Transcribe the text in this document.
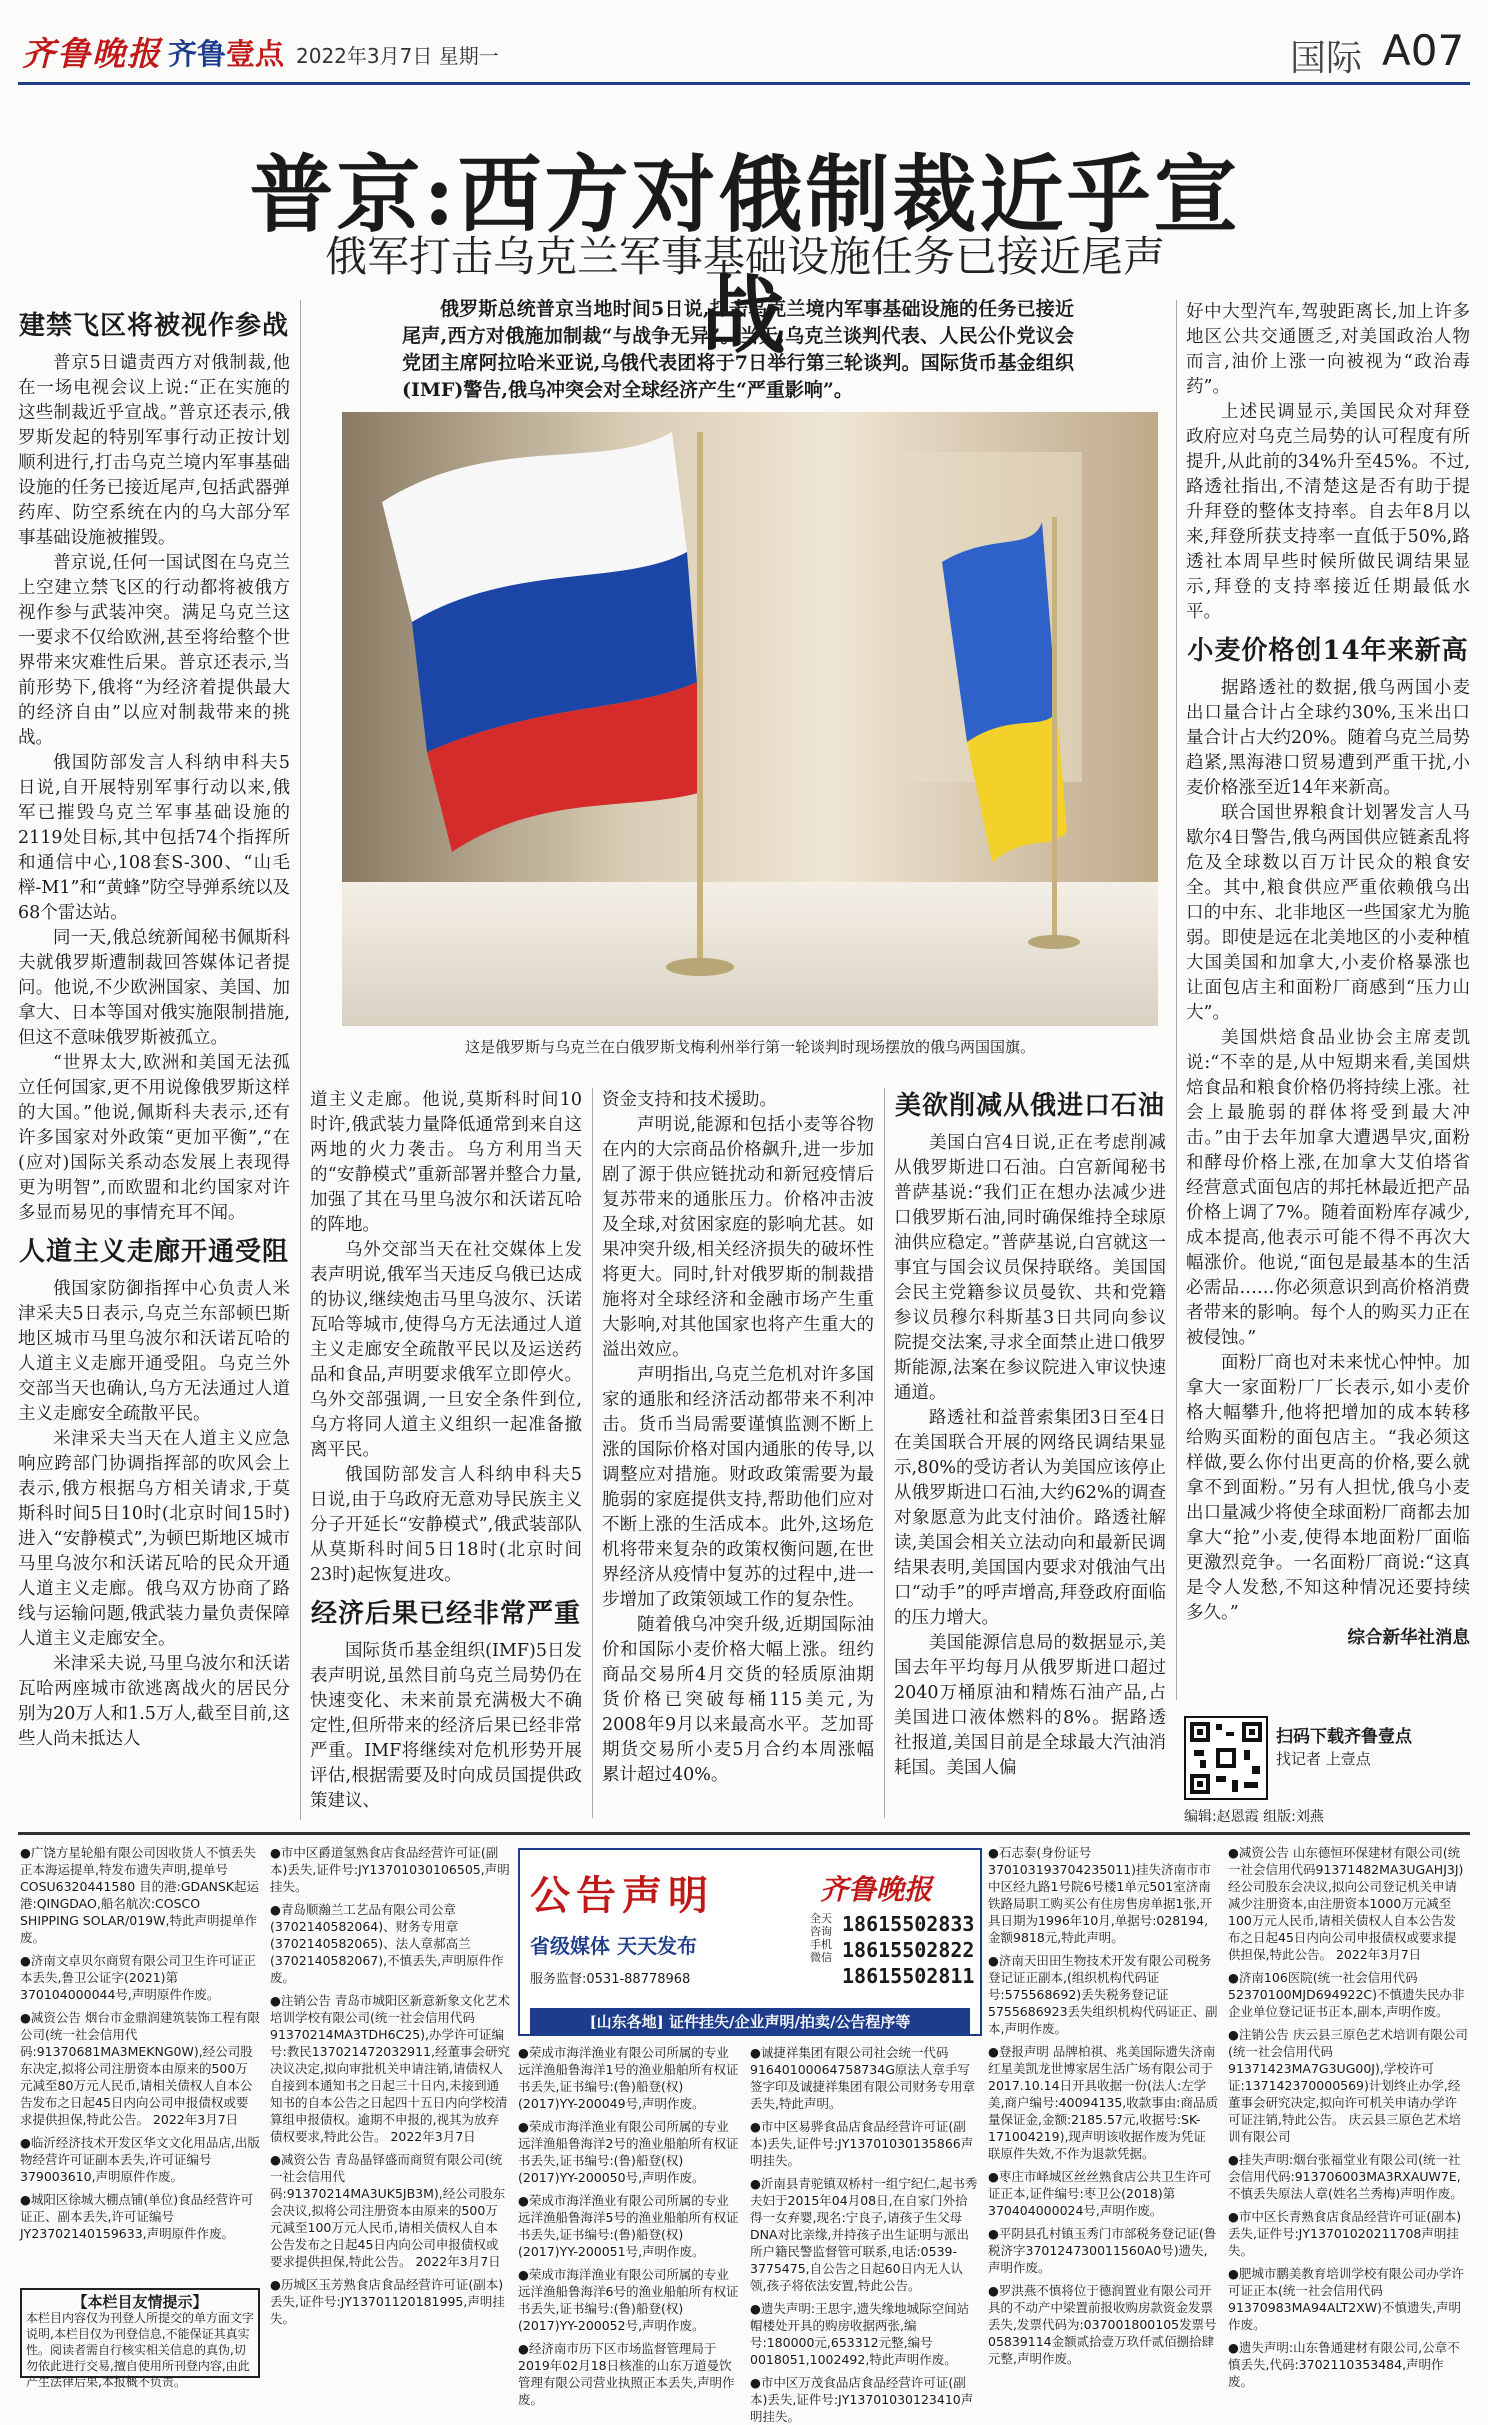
齐鲁晚报 齐鲁壹点 2022年3月7日 星期一	国际 A07
普京:西方对俄制裁近乎宣战
俄军打击乌克兰军事基础设施任务已接近尾声
俄罗斯总统普京当地时间5日说,打击乌克兰境内军事基础设施的任务已接近尾声,西方对俄施加制裁“与战争无异”。当天,乌克兰谈判代表、人民公仆党议会党团主席阿拉哈米亚说,乌俄代表团将于7日举行第三轮谈判。国际货币基金组织(IMF)警告,俄乌冲突会对全球经济产生“严重影响”。
这是俄罗斯与乌克兰在白俄罗斯戈梅利州举行第一轮谈判时现场摆放的俄乌两国国旗。
建禁飞区将被视作参战

普京5日谴责西方对俄制裁,他在一场电视会议上说:“正在实施的这些制裁近乎宣战。”普京还表示,俄罗斯发起的特别军事行动正按计划顺利进行,打击乌克兰境内军事基础设施的任务已接近尾声,包括武器弹药库、防空系统在内的乌大部分军事基础设施被摧毁。

普京说,任何一国试图在乌克兰上空建立禁飞区的行动都将被俄方视作参与武装冲突。满足乌克兰这一要求不仅给欧洲,甚至将给整个世界带来灾难性后果。普京还表示,当前形势下,俄将“为经济着提供最大的经济自由”以应对制裁带来的挑战。

俄国防部发言人科纳申科夫5日说,自开展特别军事行动以来,俄军已摧毁乌克兰军事基础设施的2119处目标,其中包括74个指挥所和通信中心,108套S-300、“山毛榉-M1”和“黄蜂”防空导弹系统以及68个雷达站。

同一天,俄总统新闻秘书佩斯科夫就俄罗斯遭制裁回答媒体记者提问。他说,不少欧洲国家、美国、加拿大、日本等国对俄实施限制措施,但这不意味俄罗斯被孤立。

“世界太大,欧洲和美国无法孤立任何国家,更不用说像俄罗斯这样的大国。”他说,佩斯科夫表示,还有许多国家对外政策“更加平衡”,“在(应对)国际关系动态发展上表现得更为明智”,而欧盟和北约国家对许多显而易见的事情充耳不闻。

人道主义走廊开通受阻

俄国家防御指挥中心负责人米津采夫5日表示,乌克兰东部顿巴斯地区城市马里乌波尔和沃诺瓦哈的人道主义走廊开通受阻。乌克兰外交部当天也确认,乌方无法通过人道主义走廊安全疏散平民。

米津采夫当天在人道主义应急响应跨部门协调指挥部的吹风会上表示,俄方根据乌方相关请求,于莫斯科时间5日10时(北京时间15时)进入“安静模式”,为顿巴斯地区城市马里乌波尔和沃诺瓦哈的民众开通人道主义走廊。俄乌双方协商了路线与运输问题,俄武装力量负责保障人道主义走廊安全。

米津采夫说,马里乌波尔和沃诺瓦哈两座城市欲逃离战火的居民分别为20万人和1.5万人,截至目前,这些人尚未抵达人

道主义走廊。他说,莫斯科时间10时许,俄武装力量降低通常到来自这两地的火力袭击。乌方利用当天的“安静模式”重新部署并整合力量,加强了其在马里乌波尔和沃诺瓦哈的阵地。

乌外交部当天在社交媒体上发表声明说,俄军当天违反乌俄已达成的协议,继续炮击马里乌波尔、沃诺瓦哈等城市,使得乌方无法通过人道主义走廊安全疏散平民以及运送药品和食品,声明要求俄军立即停火。乌外交部强调,一旦安全条件到位,乌方将同人道主义组织一起准备撤离平民。

俄国防部发言人科纳申科夫5日说,由于乌政府无意劝导民族主义分子开延长“安静模式”,俄武装部队从莫斯科时间5日18时(北京时间23时)起恢复进攻。

经济后果已经非常严重

国际货币基金组织(IMF)5日发表声明说,虽然目前乌克兰局势仍在快速变化、未来前景充满极大不确定性,但所带来的经济后果已经非常严重。IMF将继续对危机形势开展评估,根据需要及时向成员国提供政策建议、

资金支持和技术援助。

声明说,能源和包括小麦等谷物在内的大宗商品价格飙升,进一步加剧了源于供应链扰动和新冠疫情后复苏带来的通胀压力。价格冲击波及全球,对贫困家庭的影响尤甚。如果冲突升级,相关经济损失的破坏性将更大。同时,针对俄罗斯的制裁措施将对全球经济和金融市场产生重大影响,对其他国家也将产生重大的溢出效应。

声明指出,乌克兰危机对许多国家的通胀和经济活动都带来不利冲击。货币当局需要谨慎监测不断上涨的国际价格对国内通胀的传导,以调整应对措施。财政政策需要为最脆弱的家庭提供支持,帮助他们应对不断上涨的生活成本。此外,这场危机将带来复杂的政策权衡问题,在世界经济从疫情中复苏的过程中,进一步增加了政策领域工作的复杂性。

随着俄乌冲突升级,近期国际油价和国际小麦价格大幅上涨。纽约商品交易所4月交货的轻质原油期货价格已突破每桶115美元,为2008年9月以来最高水平。芝加哥期货交易所小麦5月合约本周涨幅累计超过40%。

美欲削减从俄进口石油

美国白宫4日说,正在考虑削减从俄罗斯进口石油。白宫新闻秘书普萨基说:“我们正在想办法减少进口俄罗斯石油,同时确保维持全球原油供应稳定。”普萨基说,白宫就这一事宜与国会议员保持联络。美国国会民主党籍参议员曼钦、共和党籍参议员穆尔科斯基3日共同向参议院提交法案,寻求全面禁止进口俄罗斯能源,法案在参议院进入审议快速通道。

路透社和益普索集团3日至4日在美国联合开展的网络民调结果显示,80%的受访者认为美国应该停止从俄罗斯进口石油,大约62%的调查对象愿意为此支付油价。路透社解读,美国会相关立法动向和最新民调结果表明,美国国内要求对俄油气出口“动手”的呼声增高,拜登政府面临的压力增大。

美国能源信息局的数据显示,美国去年平均每月从俄罗斯进口超过2040万桶原油和精炼石油产品,占美国进口液体燃料的8%。据路透社报道,美国目前是全球最大汽油消耗国。美国人偏

好中大型汽车,驾驶距离长,加上许多地区公共交通匮乏,对美国政治人物而言,油价上涨一向被视为“政治毒药”。

上述民调显示,美国民众对拜登政府应对乌克兰局势的认可程度有所提升,从此前的34%升至45%。不过,路透社指出,不清楚这是否有助于提升拜登的整体支持率。自去年8月以来,拜登所获支持率一直低于50%,路透社本周早些时候所做民调结果显示,拜登的支持率接近任期最低水平。

小麦价格创14年来新高

据路透社的数据,俄乌两国小麦出口量合计占全球约30%,玉米出口量合计占大约20%。随着乌克兰局势趋紧,黑海港口贸易遭到严重干扰,小麦价格涨至近14年来新高。

联合国世界粮食计划署发言人马歇尔4日警告,俄乌两国供应链紊乱将危及全球数以百万计民众的粮食安全。其中,粮食供应严重依赖俄乌出口的中东、北非地区一些国家尤为脆弱。即使是远在北美地区的小麦种植大国美国和加拿大,小麦价格暴涨也让面包店主和面粉厂商感到“压力山大”。

美国烘焙食品业协会主席麦凯说:“不幸的是,从中短期来看,美国烘焙食品和粮食价格仍将持续上涨。社会上最脆弱的群体将受到最大冲击。”由于去年加拿大遭遇旱灾,面粉和酵母价格上涨,在加拿大艾伯塔省经营意式面包店的邦托林最近把产品价格上调了7%。随着面粉库存减少,成本提高,他表示可能不得不再次大幅涨价。他说,“面包是最基本的生活必需品……你必须意识到高价格消费者带来的影响。每个人的购买力正在被侵蚀。”

面粉厂商也对未来忧心忡忡。加拿大一家面粉厂厂长表示,如小麦价格大幅攀升,他将把增加的成本转移给购买面粉的面包店主。“我必须这样做,要么你付出更高的价格,要么就拿不到面粉。”另有人担忧,俄乌小麦出口量减少将使全球面粉厂商都去加拿大“抢”小麦,使得本地面粉厂面临更激烈竞争。一名面粉厂商说:“这真是令人发愁,不知这种情况还要持续多久。”

综合新华社消息
扫码下载齐鲁壹点
找记者 上壹点
编辑:赵恩霞 组版:刘燕
●广饶方星轮船有限公司因收货人不慎丢失正本海运提单,特发布遗失声明,提单号COSU6320441580 目的港:GDANSK起运港:QINGDAO,船名航次:COSCO SHIPPING SOLAR/019W,特此声明提单作废。
●济南文卓贝尔商贸有限公司卫生许可证正本丢失,鲁卫公证字(2021)第370104000044号,声明原件作废。
●减资公告 烟台市金鼎润建筑装饰工程有限公司(统一社会信用代码:91370681MA3MEKNG0W),经公司股东决定,拟将公司注册资本由原来的500万元减至80万元人民币,请相关债权人自本公告发布之日起45日内向公司申报债权或要求提供担保,特此公告。 2022年3月7日
●临沂经济技术开发区华文文化用品店,出版物经营许可证副本丢失,许可证编号379003610,声明原件作废。
●城阳区徐城大棚点铺(单位)食品经营许可证正、副本丢失,许可证编号JY23702140159633,声明原件作废。
【本栏目友情提示】
本栏目内容仅为刊登人所提交的单方面文字说明,本栏目仅为刊登信息,不能保证其真实性。阅读者需自行核实相关信息的真伪,切勿依此进行交易,擅自使用所刊登内容,由此产生法律后果,本报概不负责。
●市中区爵道氢熟食店食品经营许可证(副本)丢失,证件号:JY13701030106505,声明挂失。
●青岛顺瀚兰工艺品有限公司公章(3702140582064)、财务专用章(3702140582065)、法人章郝高兰(3702140582067),不慎丢失,声明原件作废。
●注销公告 青岛市城阳区新意新象文化艺术培训学校有限公司(统一社会信用代码91370214MA3TDH6C25),办学许可证编号:教民137021472032911,经董事会研究决议决定,拟向审批机关申请注销,请债权人自接到本通知书之日起三十日内,未接到通知书的自本公告之日起四十五日内向学校清算组申报债权。逾期不申报的,视其为放弃债权要求,特此公告。 2022年3月7日
●减资公告 青岛晶铎盛而商贸有限公司(统一社会信用代码:91370214MA3UK5JB3M),经公司股东会决议,拟将公司注册资本由原来的500万元减至100万元人民币,请相关债权人自本公告发布之日起45日内向公司申报债权或要求提供担保,特此公告。 2022年3月7日
●历城区玉芳熟食店食品经营许可证(副本)丢失,证件号:JY13701120181995,声明挂失。
公告声明	齐鲁晚报
省级媒体 天天发布
服务监督:0531-88778968
全天咨询 手机微信
18615502833
18615502822
18615502811
[山东各地] 证件挂失/企业声明/拍卖/公告程序等
●荣成市海洋渔业有限公司所属的专业远洋渔船鲁海洋1号的渔业船舶所有权证书丢失,证书编号:(鲁)船登(权)(2017)YY-200049号,声明作废。
●荣成市海洋渔业有限公司所属的专业远洋渔船鲁海洋2号的渔业船舶所有权证书丢失,证书编号:(鲁)船登(权)(2017)YY-200050号,声明作废。
●荣成市海洋渔业有限公司所属的专业远洋渔船鲁海洋5号的渔业船舶所有权证书丢失,证书编号:(鲁)船登(权)(2017)YY-200051号,声明作废。
●荣成市海洋渔业有限公司所属的专业远洋渔船鲁海洋6号的渔业船舶所有权证书丢失,证书编号:(鲁)船登(权)(2017)YY-200052号,声明作废。
●经济南市历下区市场监督管理局于2019年02月18日核准的山东万道曼饮管理有限公司营业执照正本丢失,声明作废。
●诚捷祥集团有限公司社会统一代码91640100064758734G原法人章手写签字印及诚捷祥集团有限公司财务专用章丢失,特此声明。
●市中区易骅食品店食品经营许可证(副本)丢失,证件号:JY13701030135866声明挂失。
●沂南县青驼镇双桥村一组宁纪仁,起书秀夫妇于2015年04月08日,在自家门外拾得一女弃婴,现名:宁良子,请孩子生父母DNA对比亲缘,并持孩子出生证明与派出所户籍民警监督管可联系,电话:0539-3775475,自公告之日起60日内无人认领,孩子将依法安置,特此公告。
●遗失声明:王思宇,遗失缘地城际空间站帽楼处开具的购房收据两张,编号:180000元,653312元整,编号0018051,1002492,特此声明作废。
●市中区万茂食品店食品经营许可证(副本)丢失,证件号:JY13701030123410声明挂失。
●石志泰(身份证号370103193704235011)挂失济南市市中区经九路1号院6号楼1单元501室济南铁路局职工购买公有住房售房单据1张,开具日期为1996年10月,单据号:028194,金额9818元,特此声明。
●济南天田田生物技术开发有限公司税务登记证正副本,(组织机构代码证号:575568692)丢失税务登记证5755686923丢失组织机构代码证正、副本,声明作废。
●登报声明 品牌柏祺、兆美国际遗失济南红星美凯龙世博家居生活广场有限公司于2017.10.14日开具收据一份(法人:左学美,商户编号:40094135,收款事由:商品质量保证金,金额:2185.57元,收据号:SK-171004219),现声明该收据作废为凭证联原件失效,不作为退款凭据。
●枣庄市峄城区丝丝熟食店公共卫生许可证正本,证件编号:枣卫公(2018)第370404000024号,声明作废。
●平阴县孔村镇玉秀门市部税务登记证(鲁税济字370124730011560A0号)遗失,声明作废。
●罗洪燕不慎将位于德润置业有限公司开具的不动产中梁置前报收购房款资金发票丢失,发票代码为:037001800105发票号05839114金额贰拾壹万玖仟贰佰捌拾肆元整,声明作废。
●减资公告 山东德恒环保建材有限公司(统一社会信用代码91371482MA3UGAHJ3J)经公司股东会决议,拟向公司登记机关申请减少注册资本,由注册资本1000万元减至100万元人民币,请相关债权人自本公告发布之日起45日内向公司申报债权或要求提供担保,特此公告。 2022年3月7日
●济南106医院(统一社会信用代码52370100MJD694922C)不慎遗失民办非企业单位登记证书正本,副本,声明作废。
●注销公告 庆云县三原色艺术培训有限公司(统一社会信用代码91371423MA7G3UG00J),学校许可证:137142370000569)计划终止办学,经董事会研究决定,拟向许可机关申请办学许可证注销,特此公告。 庆云县三原色艺术培训有限公司
●挂失声明:烟台张福堂业有限公司(统一社会信用代码:913706003MA3RXAUW7E,不慎丢失原法人章(姓名兰秀梅)声明作废。
●市中区长青熟食店食品经营许可证(副本)丢失,证件号:JY13701020211708声明挂失。
●肥城市鹏美教育培训学校有限公司办学许可证正本(统一社会信用代码91370983MA94ALT2XW)不慎遗失,声明作废。
●遗失声明:山东鲁通建材有限公司,公章不慎丢失,代码:3702110353484,声明作废。
